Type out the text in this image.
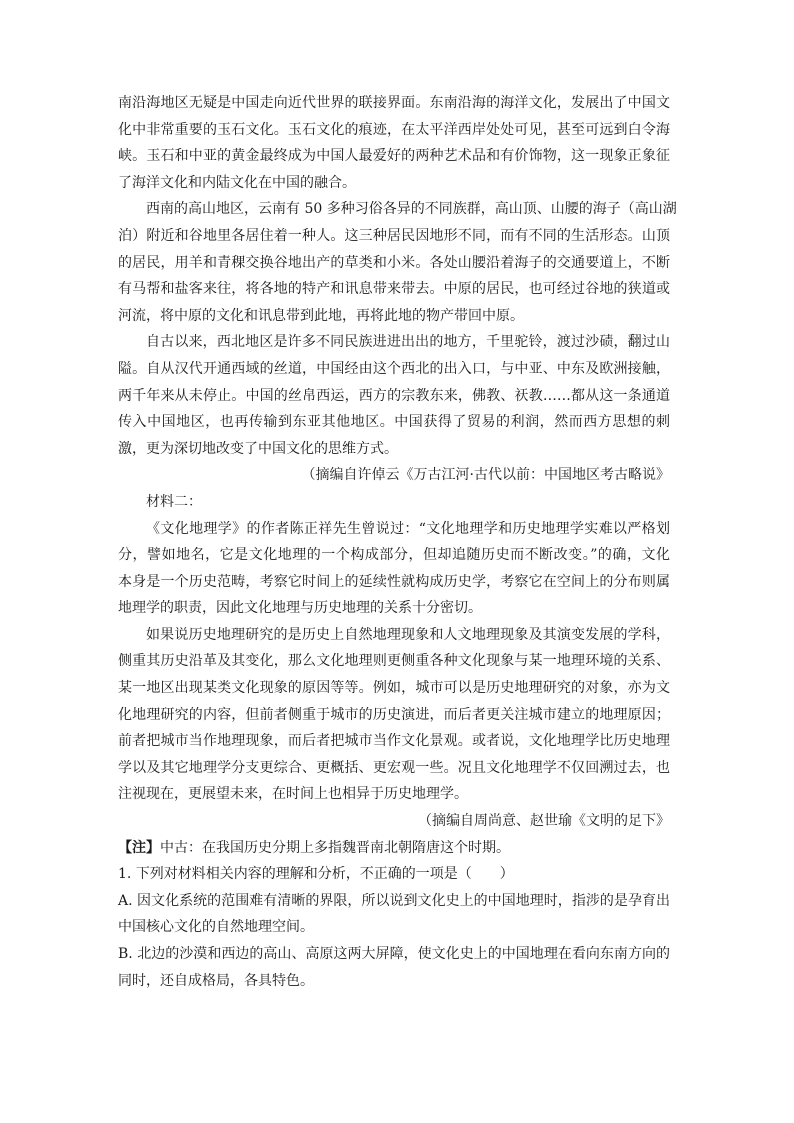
南沿海地区无疑是中国走向近代世界的联接界面。东南沿海的海洋文化，发展出了中国文
化中非常重要的玉石文化。玉石文化的痕迹，在太平洋西岸处处可见，甚至可远到白令海
峡。玉石和中亚的黄金最终成为中国人最爱好的两种艺术品和有价饰物，这一现象正象征
了海洋文化和内陆文化在中国的融合。
西南的高山地区，云南有 50 多种习俗各异的不同族群，高山顶、山腰的海子（高山湖
泊）附近和谷地里各居住着一种人。这三种居民因地形不同，而有不同的生活形态。山顶
的居民，用羊和青稞交换谷地出产的草类和小米。各处山腰沿着海子的交通要道上，不断
有马帮和盐客来往，将各地的特产和讯息带来带去。中原的居民，也可经过谷地的狭道或
河流，将中原的文化和讯息带到此地，再将此地的物产带回中原。
自古以来，西北地区是许多不同民族进进出出的地方，千里驼铃，渡过沙碛，翻过山
隘。自从汉代开通西域的丝道，中国经由这个西北的出入口，与中亚、中东及欧洲接触，
两千年来从未停止。中国的丝帛西运，西方的宗教东来，佛教、祆教……都从这一条通道
传入中国地区，也再传输到东亚其他地区。中国获得了贸易的利润，然而西方思想的刺
激，更为深切地改变了中国文化的思维方式。
（摘编自许倬云《万古江河·古代以前：中国地区考古略说》
材料二：
《文化地理学》的作者陈正祥先生曾说过：“文化地理学和历史地理学实难以严格划
分，譬如地名，它是文化地理的一个构成部分，但却追随历史而不断改变。”的确，文化
本身是一个历史范畴，考察它时间上的延续性就构成历史学，考察它在空间上的分布则属
地理学的职责，因此文化地理与历史地理的关系十分密切。
如果说历史地理研究的是历史上自然地理现象和人文地理现象及其演变发展的学科，
侧重其历史沿革及其变化，那么文化地理则更侧重各种文化现象与某一地理环境的关系、
某一地区出现某类文化现象的原因等等。例如，城市可以是历史地理研究的对象，亦为文
化地理研究的内容，但前者侧重于城市的历史演进，而后者更关注城市建立的地理原因；
前者把城市当作地理现象，而后者把城市当作文化景观。或者说，文化地理学比历史地理
学以及其它地理学分支更综合、更概括、更宏观一些。况且文化地理学不仅回溯过去，也
注视现在，更展望未来，在时间上也相异于历史地理学。
（摘编自周尚意、赵世瑜《文明的足下》
【注】中古：在我国历史分期上多指魏晋南北朝隋唐这个时期。
1. 下列对材料相关内容的理解和分析，不正确的一项是（　　）
A. 因文化系统的范围难有清晰的界限，所以说到文化史上的中国地理时，指涉的是孕育出
中国核心文化的自然地理空间。
B. 北边的沙漠和西边的高山、高原这两大屏障，使文化史上的中国地理在看向东南方向的
同时，还自成格局，各具特色。
